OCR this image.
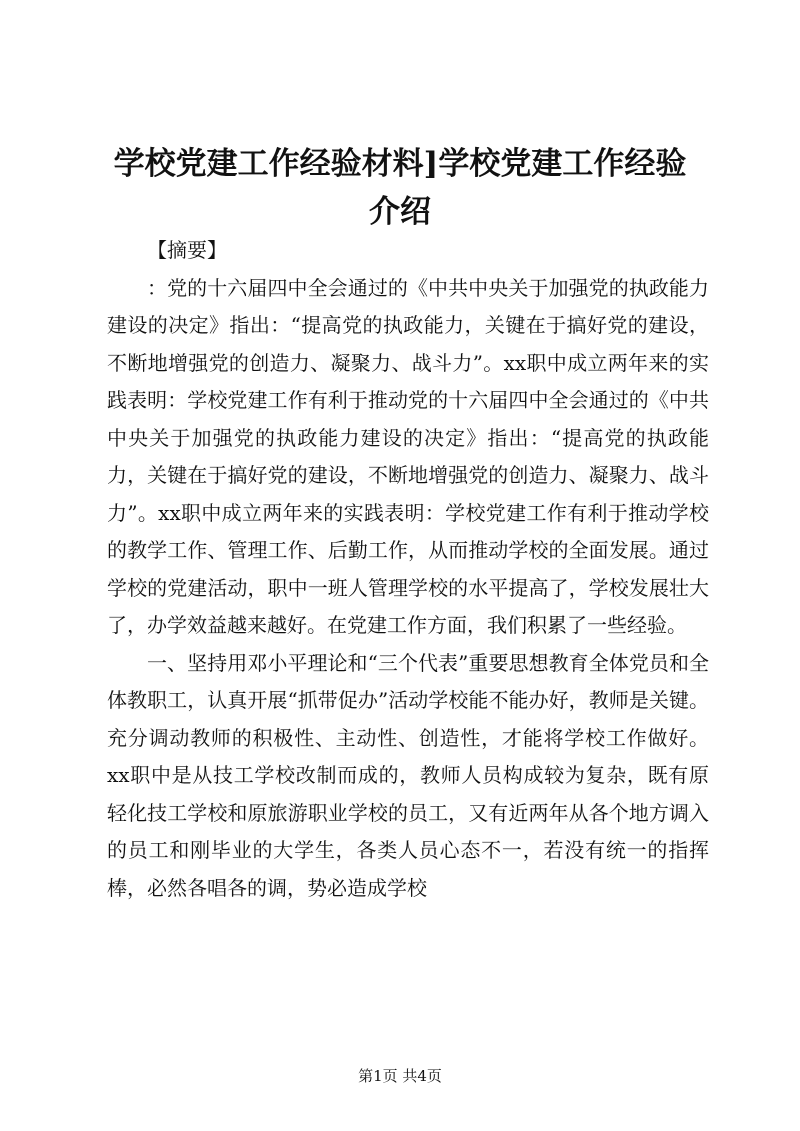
学校党建工作经验材料]学校党建工作经验介绍

【摘要】

：党的十六届四中全会通过的《中共中央关于加强党的执政能力建设的决定》指出：“提高党的执政能力，关键在于搞好党的建设，不断地增强党的创造力、凝聚力、战斗力”。xx职中成立两年来的实践表明：学校党建工作有利于推动党的十六届四中全会通过的《中共中央关于加强党的执政能力建设的决定》指出：“提高党的执政能力，关键在于搞好党的建设，不断地增强党的创造力、凝聚力、战斗力”。xx职中成立两年来的实践表明：学校党建工作有利于推动学校的教学工作、管理工作、后勤工作，从而推动学校的全面发展。通过学校的党建活动，职中一班人管理学校的水平提高了，学校发展壮大了，办学效益越来越好。在党建工作方面，我们积累了一些经验。

一、坚持用邓小平理论和“三个代表”重要思想教育全体党员和全体教职工，认真开展“抓带促办”活动学校能不能办好，教师是关键。充分调动教师的积极性、主动性、创造性，才能将学校工作做好。xx职中是从技工学校改制而成的，教师人员构成较为复杂，既有原轻化技工学校和原旅游职业学校的员工，又有近两年从各个地方调入的员工和刚毕业的大学生，各类人员心态不一，若没有统一的指挥棒，必然各唱各的调，势必造成学校

第1页 共4页
